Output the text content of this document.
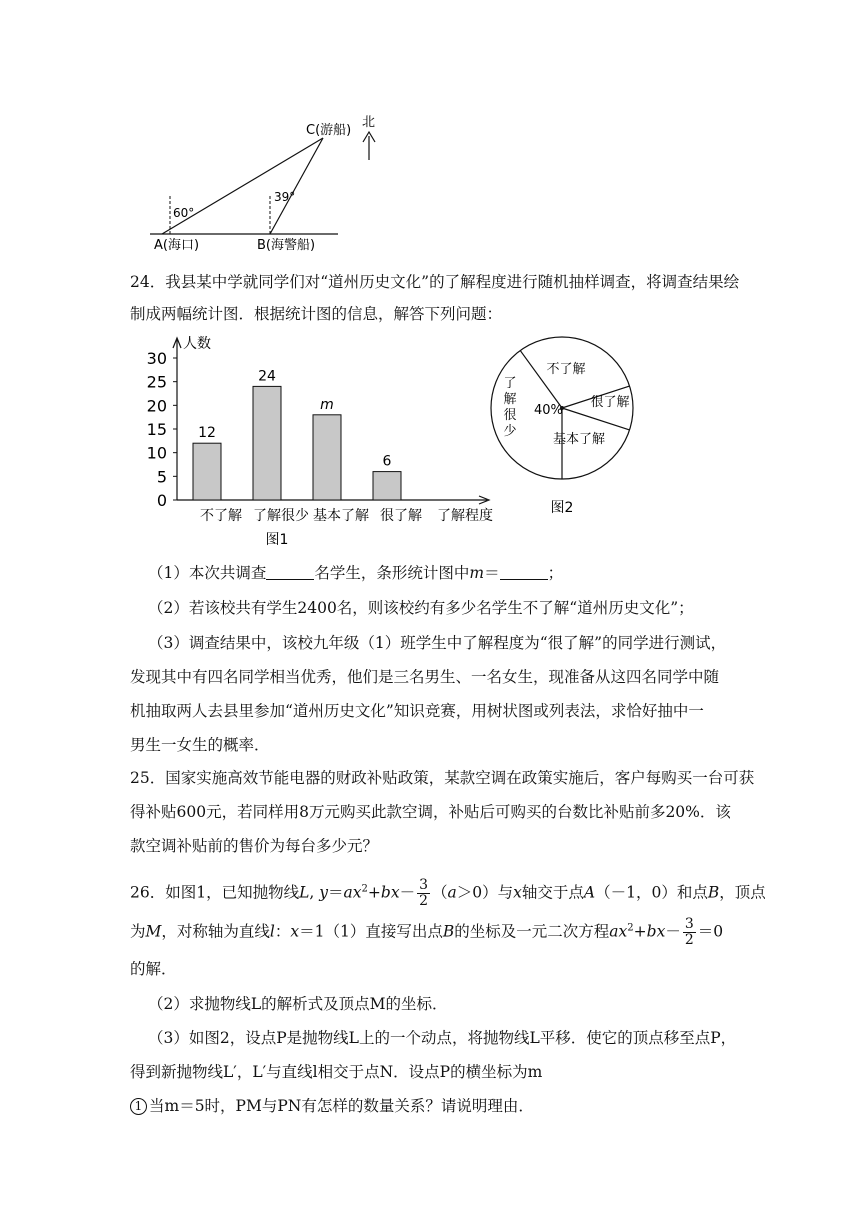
C(游船)
北
A(海口)	B(海警船)
60°
39°
24．我县某中学就同学们对“道州历史文化”的了解程度进行随机抽样调查，将调查结果绘
制成两幅统计图．根据统计图的信息，解答下列问题：
人数
0
5
10
15
20
25
30
12
不了解
24
了解很少
m
基本了解
6
很了解 了解程度
图1
了
解
很
少
40%
不了解
很了解
基本了解
图2
（1）本次共调查	名学生，条形统计图中m＝	；
（2）若该校共有学生2400名，则该校约有多少名学生不了解“道州历史文化”；
（3）调查结果中，该校九年级（1）班学生中了解程度为“很了解”的同学进行测试，
发现其中有四名同学相当优秀，他们是三名男生、一名女生，现准备从这四名同学中随
机抽取两人去县里参加“道州历史文化”知识竞赛，用树状图或列表法，求恰好抽中一
男生一女生的概率．
25．国家实施高效节能电器的财政补贴政策，某款空调在政策实施后，客户每购买一台可获
得补贴600元，若同样用8万元购买此款空调，补贴后可购买的台数比补贴前多20%．该
款空调补贴前的售价为每台多少元？
26．如图1，已知抛物线L, $y=ax^2+bx- \frac{3}{2} (a>0)$与x轴交于点A（－1，0）和点B，顶点
为M，对称轴为直线l：x＝1（1）直接写出点B的坐标及一元二次方程$ax^2+bx- \frac{3}{2} =0$
的解．
（2）求抛物线L的解析式及顶点M的坐标．
（3）如图2，设点P是抛物线L上的一个动点，将抛物线L平移．使它的顶点移至点P，
得到新抛物线L′，L′与直线l相交于点N．设点P的横坐标为m
1 当m＝5时，PM与PN有怎样的数量关系？请说明理由．
